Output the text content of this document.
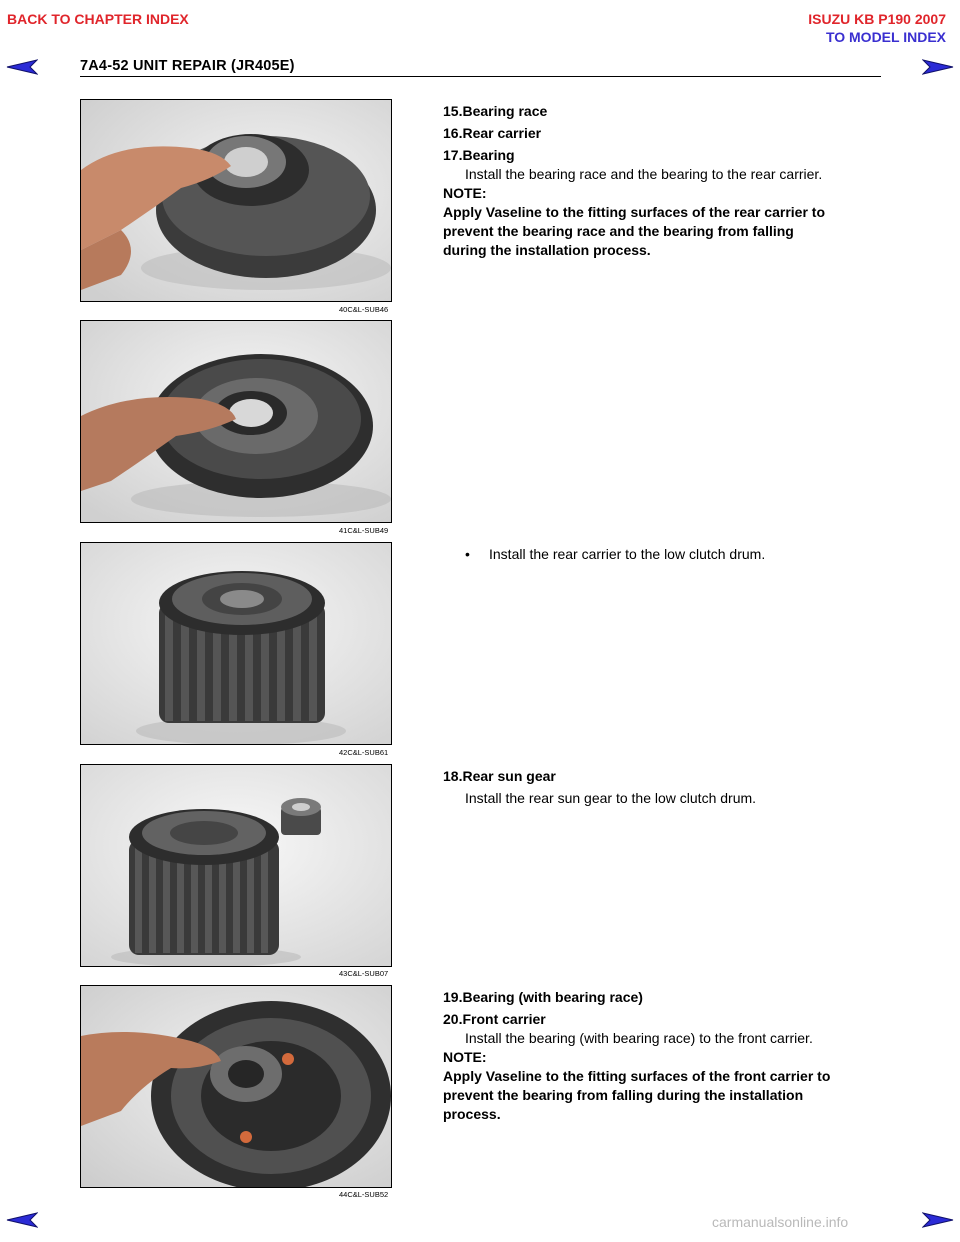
BACK TO CHAPTER INDEX	ISUZU KB P190 2007
TO MODEL INDEX
7A4-52 UNIT REPAIR (JR405E)
40C&L-SUB46
41C&L-SUB49
42C&L-SUB61
43C&L-SUB07
44C&L-SUB52
15.Bearing race
16.Rear carrier
17.Bearing
Install the bearing race and the bearing to the rear carrier.
NOTE:
Apply Vaseline to the fitting surfaces of the rear carrier to
prevent the bearing race and the bearing from falling
during the installation process.
• Install the rear carrier to the low clutch drum.
18.Rear sun gear
Install the rear sun gear to the low clutch drum.
19.Bearing (with bearing race)
20.Front carrier
Install the bearing (with bearing race) to the front carrier.
NOTE:
Apply Vaseline to the fitting surfaces of the front carrier to
prevent the bearing from falling during the installation
process.
carmanualsonline.info
